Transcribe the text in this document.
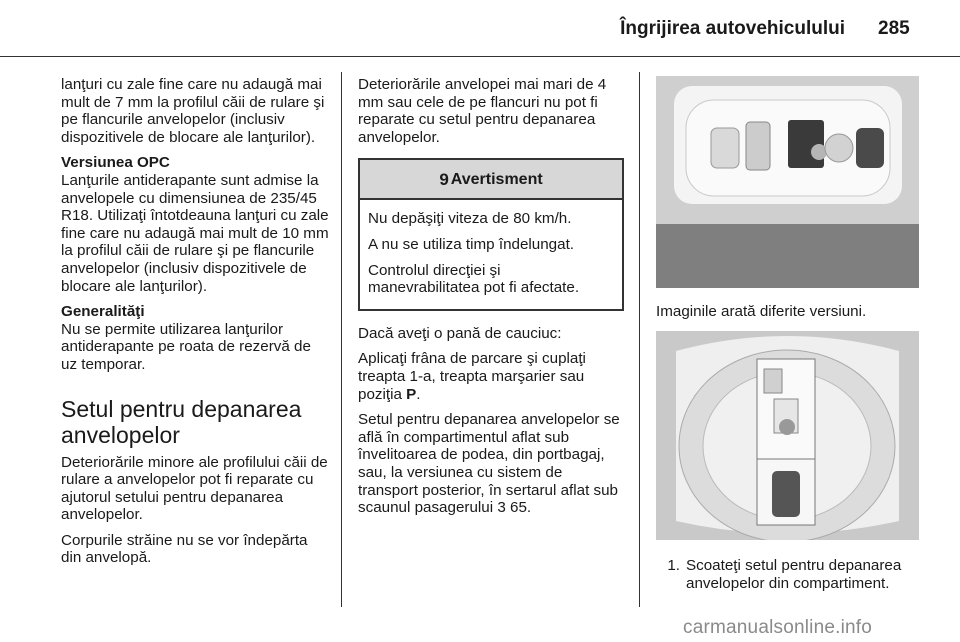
Îngrijirea autovehiculului 285

lanţuri cu zale fine care nu adaugă mai mult de 7 mm la profilul căii de rulare şi pe flancurile anvelopelor (inclusiv dispozitivele de blocare ale lanţurilor).

Versiunea OPC

Lanţurile antiderapante sunt admise la anvelopele cu dimensiunea de 235/45 R18. Utilizaţi întotdeauna lanţuri cu zale fine care nu adaugă mai mult de 10 mm la profilul căii de rulare şi pe flancurile anvelopelor (inclusiv dispozitivele de blocare ale lanţurilor).

Generalităţi

Nu se permite utilizarea lanţurilor antiderapante pe roata de rezervă de uz temporar.

Setul pentru depanarea anvelopelor

Deteriorările minore ale profilului căii de rulare a anvelopelor pot fi reparate cu ajutorul setului pentru depanarea anvelopelor.

Corpurile străine nu se vor îndepărta din anvelopă.

Deteriorările anvelopei mai mari de 4 mm sau cele de pe flancuri nu pot fi reparate cu setul pentru depanarea anvelopelor.

9 Avertisment

Nu depăşiţi viteza de 80 km/h.

A nu se utiliza timp îndelungat.

Controlul direcţiei şi manevrabilitatea pot fi afectate.

Dacă aveţi o pană de cauciuc:

Aplicaţi frâna de parcare şi cuplaţi treapta 1-a, treapta marşarier sau poziţia P.

Setul pentru depanarea anvelopelor se află în compartimentul aflat sub învelitoarea de podea, din portbagaj, sau, la versiunea cu sistem de transport posterior, în sertarul aflat sub scaunul pasagerului 3 65.

Imaginile arată diferite versiuni.
1. Scoateţi setul pentru depanarea anvelopelor din compartiment.
carmanualsonline.info
